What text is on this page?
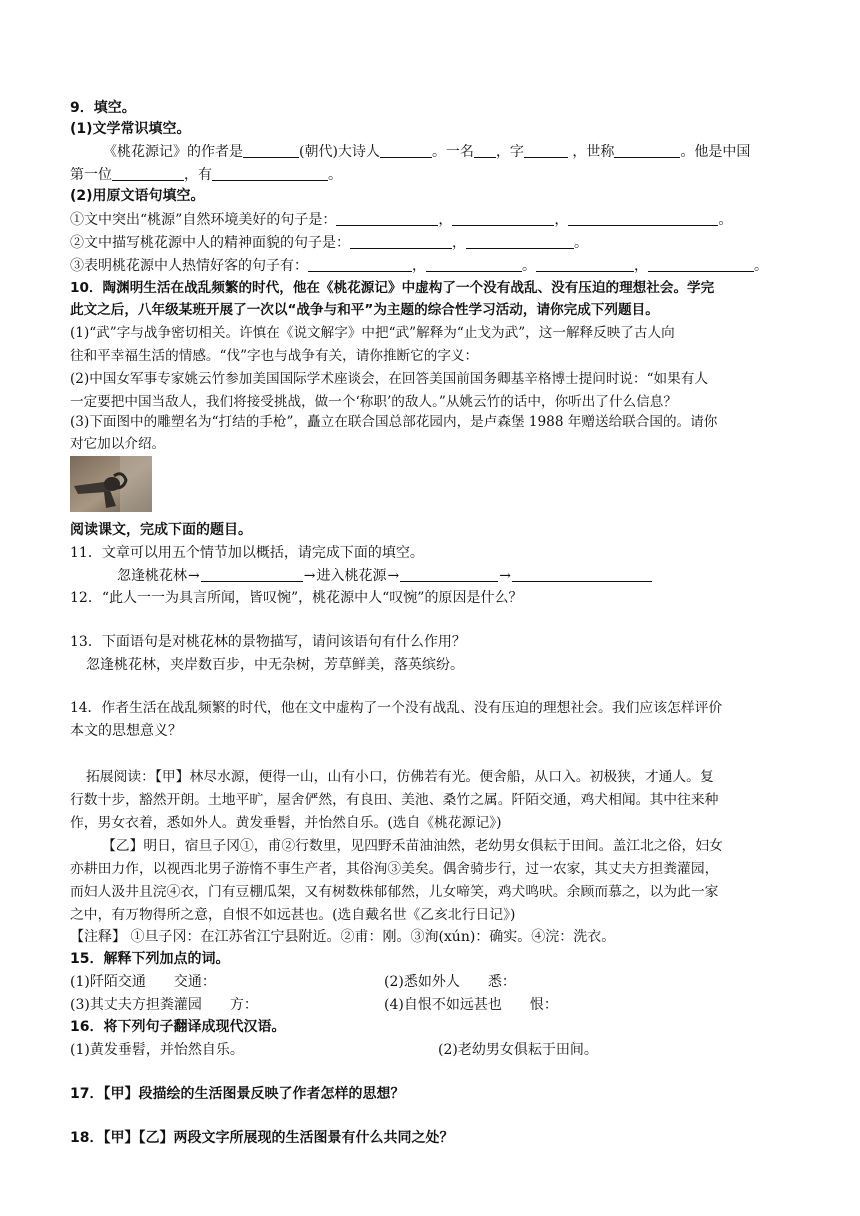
9．填空。
(1)文学常识填空。
《桃花源记》的作者是	(朝代)大诗人	。一名 ，字	，世称	。他是中国
第一位	，有	。
(2)用原文语句填空。
①文中突出“桃源”自然环境美好的句子是：	，	，	。
②文中描写桃花源中人的精神面貌的句子是：	，	。
③表明桃花源中人热情好客的句子有：	，	。	，	。
10．陶渊明生活在战乱频繁的时代，他在《桃花源记》中虚构了一个没有战乱、没有压迫的理想社会。学完
此文之后，八年级某班开展了一次以“战争与和平”为主题的综合性学习活动，请你完成下列题目。
(1)“武”字与战争密切相关。许慎在《说文解字》中把“武”解释为“止戈为武”，这一解释反映了古人向
往和平幸福生活的情感。“伐”字也与战争有关，请你推断它的字义：
(2)中国女军事专家姚云竹参加美国国际学术座谈会，在回答美国前国务卿基辛格博士提问时说：“如果有人
一定要把中国当敌人，我们将接受挑战，做一个‘称职’的敌人。”从姚云竹的话中，你听出了什么信息？
(3)下面图中的雕塑名为“打结的手枪”，矗立在联合国总部花园内，是卢森堡 1988 年赠送给联合国的。请你
对它加以介绍。
阅读课文，完成下面的题目。
11．文章可以用五个情节加以概括，请完成下面的填空。
忽逢桃花林→	→进入桃花源→	→
12．“此人一一为具言所闻，皆叹惋”，桃花源中人“叹惋”的原因是什么？
13．下面语句是对桃花林的景物描写，请问该语句有什么作用？
忽逢桃花林，夹岸数百步，中无杂树，芳草鲜美，落英缤纷。
14．作者生活在战乱频繁的时代，他在文中虚构了一个没有战乱、没有压迫的理想社会。我们应该怎样评价
本文的思想意义？
拓展阅读：【甲】林尽水源，便得一山，山有小口，仿佛若有光。便舍船，从口入。初极狭，才通人。复
行数十步，豁然开朗。土地平旷，屋舍俨然，有良田、美池、桑竹之属。阡陌交通，鸡犬相闻。其中往来种
作，男女衣着，悉如外人。黄发垂髫，并怡然自乐。(选自《桃花源记》)
【乙】明日，宿旦子冈①，甫②行数里，见四野禾苗油油然，老幼男女俱耘于田间。盖江北之俗，妇女
亦耕田力作，以视西北男子游惰不事生产者，其俗洵③美矣。偶舍骑步行，过一农家，其丈夫方担粪灌园，
而妇人汲井且浣④衣，门有豆棚瓜架，又有树数株郁郁然，儿女啼笑，鸡犬鸣吠。余顾而慕之，以为此一家
之中，有万物得所之意，自恨不如远甚也。(选自戴名世《乙亥北行日记》)
【注释】 ①旦子冈：在江苏省江宁县附近。②甫：刚。③洵(xún)：确实。④浣：洗衣。
15．解释下列加点的词。
(1)阡陌交通　　交通：	(2)悉如外人　　悉：
(3)其丈夫方担粪灌园　　方：	(4)自恨不如远甚也　　恨：
16．将下列句子翻译成现代汉语。
(1)黄发垂髫，并怡然自乐。	(2)老幼男女俱耘于田间。
17．【甲】段描绘的生活图景反映了作者怎样的思想？
18．【甲】【乙】两段文字所展现的生活图景有什么共同之处？
